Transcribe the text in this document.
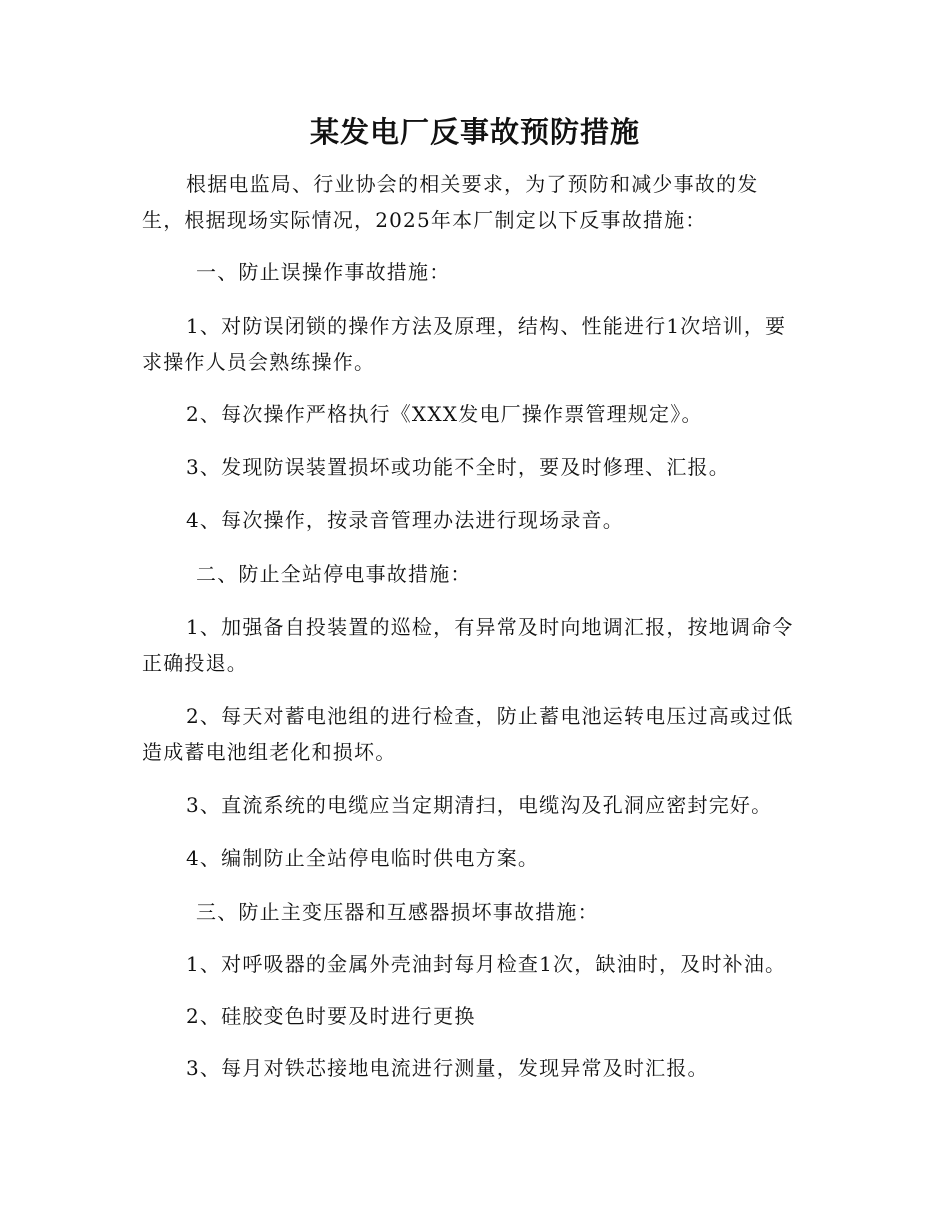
某发电厂反事故预防措施

根据电监局、行业协会的相关要求，为了预防和减少事故的发
生，根据现场实际情况，2025年本厂制定以下反事故措施：

一、防止误操作事故措施：

1、对防误闭锁的操作方法及原理，结构、性能进行1次培训，要
求操作人员会熟练操作。

2、每次操作严格执行《XXX发电厂操作票管理规定》。

3、发现防误装置损坏或功能不全时，要及时修理、汇报。

4、每次操作，按录音管理办法进行现场录音。

二、防止全站停电事故措施：

1、加强备自投装置的巡检，有异常及时向地调汇报，按地调命令
正确投退。

2、每天对蓄电池组的进行检查，防止蓄电池运转电压过高或过低
造成蓄电池组老化和损坏。

3、直流系统的电缆应当定期清扫，电缆沟及孔洞应密封完好。

4、编制防止全站停电临时供电方案。

三、防止主变压器和互感器损坏事故措施：

1、对呼吸器的金属外壳油封每月检查1次，缺油时，及时补油。

2、硅胶变色时要及时进行更换

3、每月对铁芯接地电流进行测量，发现异常及时汇报。
